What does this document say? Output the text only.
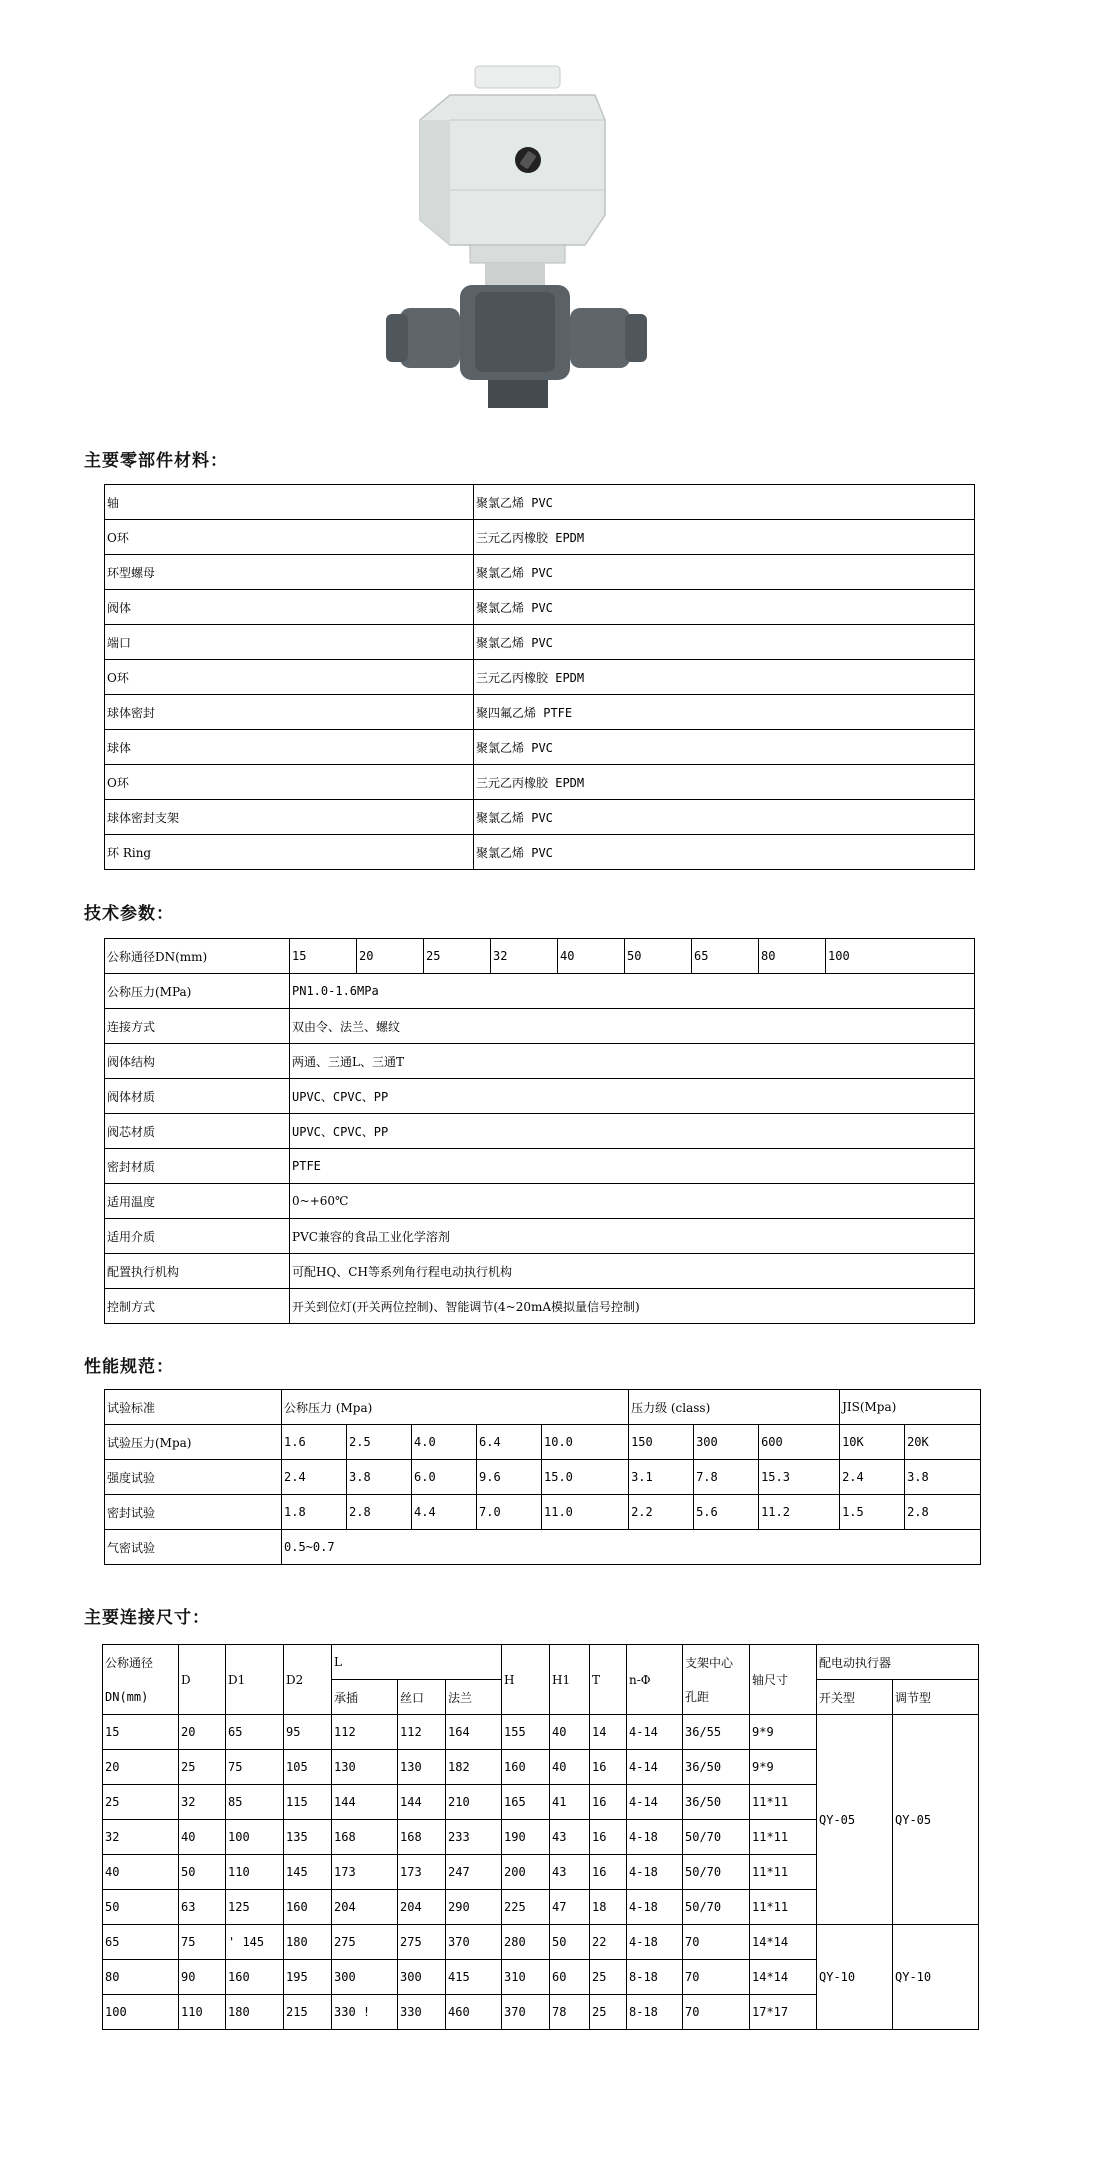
主要零部件材料：
轴	聚氯乙烯 PVC
O环	三元乙丙橡胶 EPDM
环型螺母	聚氯乙烯 PVC
阀体	聚氯乙烯 PVC
端口	聚氯乙烯 PVC
O环	三元乙丙橡胶 EPDM
球体密封	聚四氟乙烯 PTFE
球体	聚氯乙烯 PVC
O环	三元乙丙橡胶 EPDM
球体密封支架	聚氯乙烯 PVC
环 Ring	聚氯乙烯 PVC
技术参数：
公称通径DN(mm)	15	20	25	32	40	50	65	80	100
公称压力(MPa)	PN1.0-1.6MPa								
连接方式	双由令、法兰、螺纹								
阀体结构	两通、三通L、三通T								
阀体材质	UPVC、CPVC、PP								
阀芯材质	UPVC、CPVC、PP								
密封材质	PTFE								
适用温度	0~+60℃								
适用介质	PVC兼容的食品工业化学溶剂								
配置执行机构	可配HQ、CH等系列角行程电动执行机构								
控制方式	开关到位灯(开关两位控制)、智能调节(4~20mA模拟量信号控制)								
性能规范：
试验标准	公称压力 (Mpa)					压力级 (class)			JIS(Mpa)	
试验压力(Mpa)	1.6	2.5	4.0	6.4	10.0	150	300	600	10K	20K
强度试验	2.4	3.8	6.0	9.6	15.0	3.1	7.8	15.3	2.4	3.8
密封试验	1.8	2.8	4.4	7.0	11.0	2.2	5.6	11.2	1.5	2.8
气密试验	0.5~0.7									
主要连接尺寸：
公称通径	D	D1	D2	L			H	H1	T	n-Φ	支架中心	轴尺寸	配电动执行器	
DN(mm)				承插	丝口	法兰					孔距		开关型	调节型
15	20	65	95	112	112	164	155	40	14	4-14	36/55	9*9	QY-05	QY-05
20	25	75	105	130	130	182	160	40	16	4-14	36/50	9*9		
25	32	85	115	144	144	210	165	41	16	4-14	36/50	11*11		
32	40	100	135	168	168	233	190	43	16	4-18	50/70	11*11		
40	50	110	145	173	173	247	200	43	16	4-18	50/70	11*11		
50	63	125	160	204	204	290	225	47	18	4-18	50/70	11*11		
65	75	' 145	180	275	275	370	280	50	22	4-18	70	14*14	QY-10	QY-10
80	90	160	195	300	300	415	310	60	25	8-18	70	14*14		
100	110	180	215	330 !	330	460	370	78	25	8-18	70	17*17		
